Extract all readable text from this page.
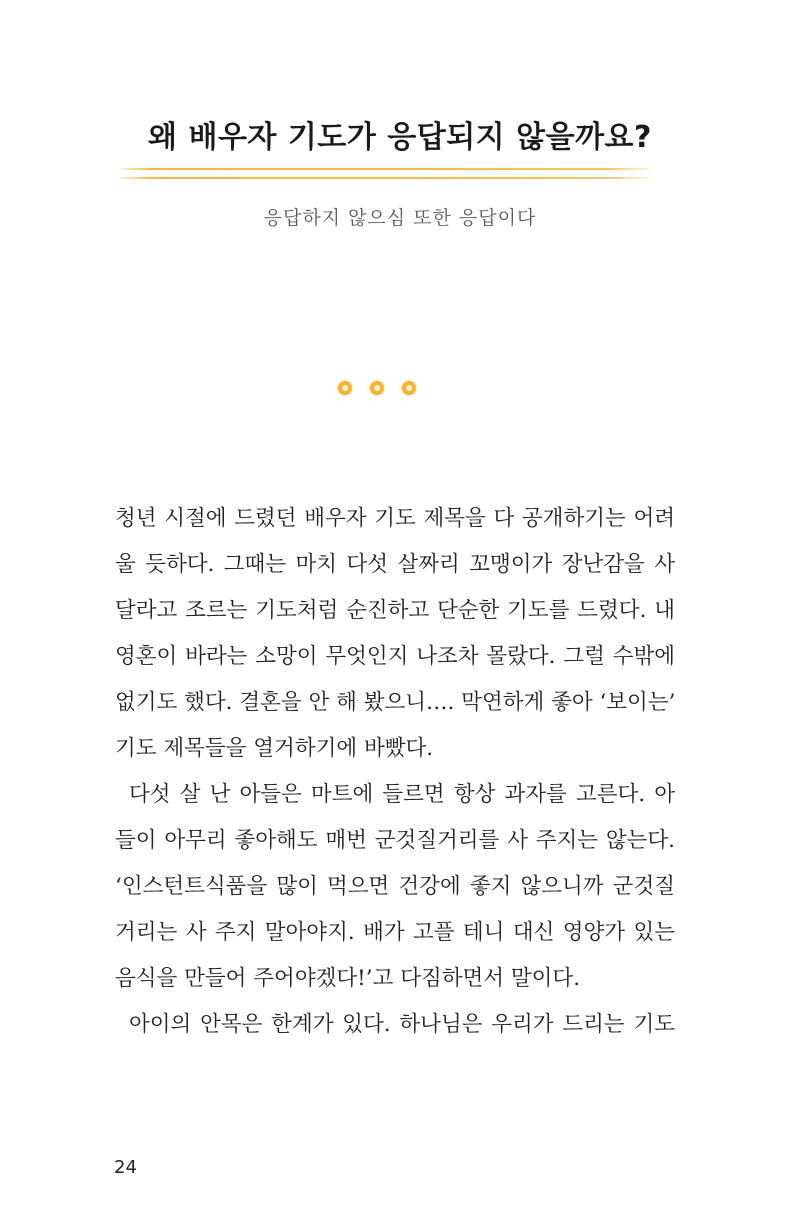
왜 배우자 기도가 응답되지 않을까요?
응답하지 않으심 또한 응답이다
청년 시절에 드렸던 배우자 기도 제목을 다 공개하기는 어려
울 듯하다. 그때는 마치 다섯 살짜리 꼬맹이가 장난감을 사
달라고 조르는 기도처럼 순진하고 단순한 기도를 드렸다. 내
영혼이 바라는 소망이 무엇인지 나조차 몰랐다. 그럴 수밖에
없기도 했다. 결혼을 안 해 봤으니…. 막연하게 좋아 ‘보이는’
기도 제목들을 열거하기에 바빴다.
다섯 살 난 아들은 마트에 들르면 항상 과자를 고른다. 아
들이 아무리 좋아해도 매번 군것질거리를 사 주지는 않는다.
‘인스턴트식품을 많이 먹으면 건강에 좋지 않으니까 군것질
거리는 사 주지 말아야지. 배가 고플 테니 대신 영양가 있는
음식을 만들어 주어야겠다!’고 다짐하면서 말이다.
아이의 안목은 한계가 있다. 하나님은 우리가 드리는 기도
24
